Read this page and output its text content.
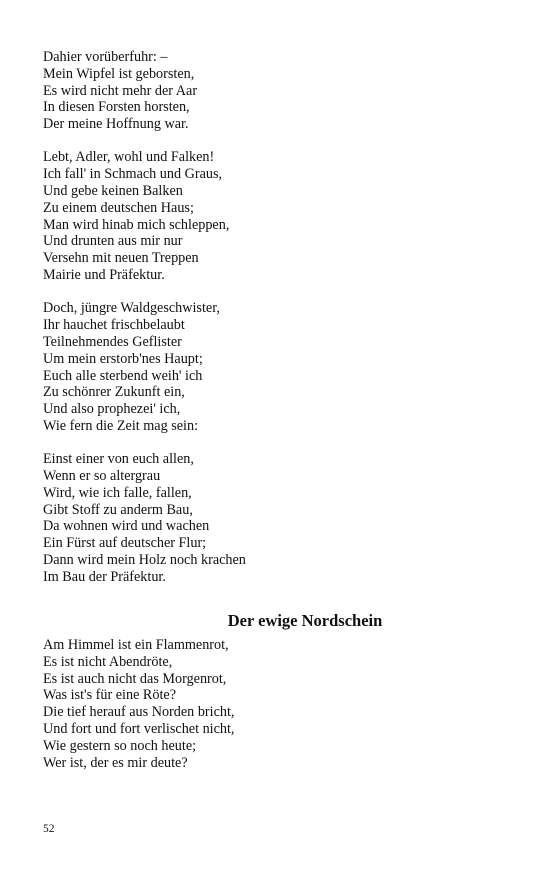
Dahier vorüberfuhr: –
Mein Wipfel ist geborsten,
Es wird nicht mehr der Aar
In diesen Forsten horsten,
Der meine Hoffnung war.
Lebt, Adler, wohl und Falken!
Ich fall' in Schmach und Graus,
Und gebe keinen Balken
Zu einem deutschen Haus;
Man wird hinab mich schleppen,
Und drunten aus mir nur
Versehn mit neuen Treppen
Mairie und Präfektur.
Doch, jüngre Waldgeschwister,
Ihr hauchet frischbelaubt
Teilnehmendes Geflister
Um mein erstorb'nes Haupt;
Euch alle sterbend weih' ich
Zu schönrer Zukunft ein,
Und also prophezei' ich,
Wie fern die Zeit mag sein:
Einst einer von euch allen,
Wenn er so altergrau
Wird, wie ich falle, fallen,
Gibt Stoff zu anderm Bau,
Da wohnen wird und wachen
Ein Fürst auf deutscher Flur;
Dann wird mein Holz noch krachen
Im Bau der Präfektur.
Der ewige Nordschein
Am Himmel ist ein Flammenrot,
Es ist nicht Abendröte,
Es ist auch nicht das Morgenrot,
Was ist's für eine Röte?
Die tief herauf aus Norden bricht,
Und fort und fort verlischet nicht,
Wie gestern so noch heute;
Wer ist, der es mir deute?
52
